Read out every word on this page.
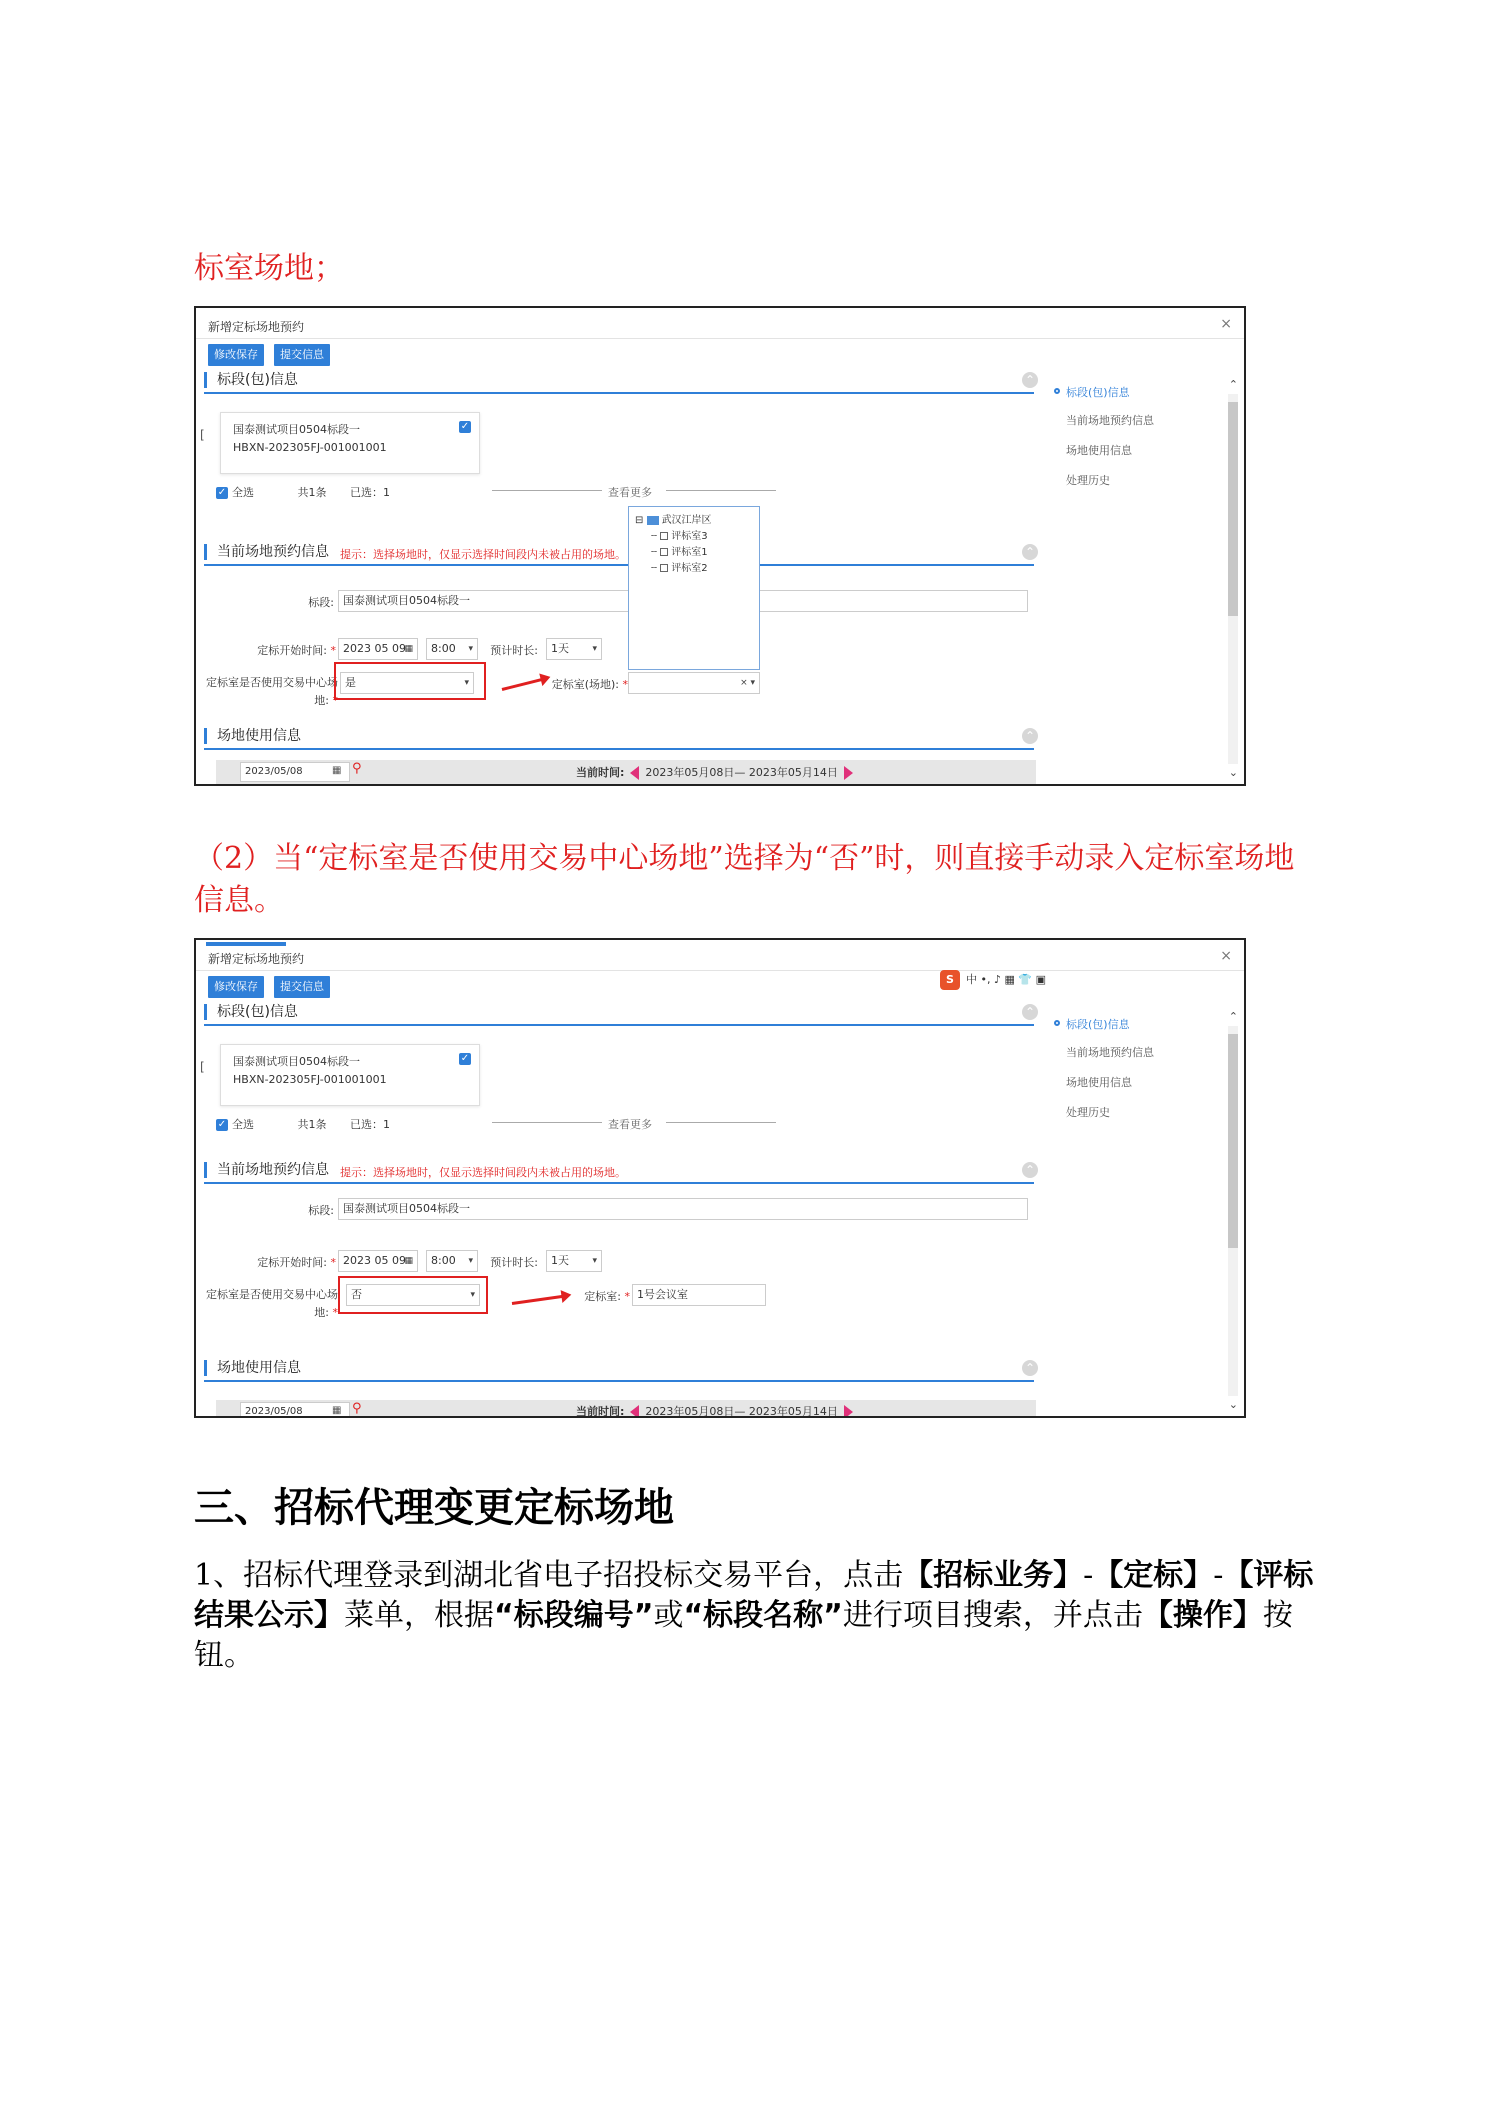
标室场地；
新增定标场地预约	×
修改保存	提交信息
标段(包)信息	⌃
[	国泰测试项目0504标段一
HBXN-202305FJ-001001001
✓
✓ 全选	共1条 已选：1	查看更多
当前场地预约信息 提示：选择场地时，仅显示选择时间段内未被占用的场地。	⌃
标段: 国泰测试项目0504标段一
定标开始时间: * 2023 05 09
▦	8:00 ▾	预计时长:	1天	▾
定标室是否使用交易中心场地: *
是	▾	定标室(场地): *	× ▾
⊟ 武汉江岸区
┄ 评标室3
┄ 评标室1
┄ 评标室2
场地使用信息	⌃
2023/05/08	▦ ⚲	当前时间: 2023年05月08日— 2023年05月14日
标段(包)信息
当前场地预约信息
场地使用信息
处理历史
⌃
⌄
（2）当“定标室是否使用交易中心场地”选择为“否”时，则直接手动录入定标室场地信息。
新增定标场地预约	×
S 中 •, ♪ ▦ 👕 ▣
修改保存	提交信息
标段(包)信息	⌃
[	国泰测试项目0504标段一
HBXN-202305FJ-001001001
✓
✓ 全选	共1条 已选：1	查看更多
当前场地预约信息 提示：选择场地时，仅显示选择时间段内未被占用的场地。	⌃
标段: 国泰测试项目0504标段一
定标开始时间: * 2023 05 09
▦	8:00 ▾	预计时长:	1天	▾
定标室是否使用交易中心场地: *
否	▾	定标室: * 1号会议室
场地使用信息	⌃
2023/05/08	▦ ⚲	当前时间: 2023年05月08日— 2023年05月14日
标段(包)信息
当前场地预约信息
场地使用信息
处理历史
⌃
⌄
三、招标代理变更定标场地
1、招标代理登录到湖北省电子招投标交易平台，点击【招标业务】-【定标】-【评标结果公示】菜单，根据“标段编号”或“标段名称”进行项目搜索，并点击【操作】按钮。
